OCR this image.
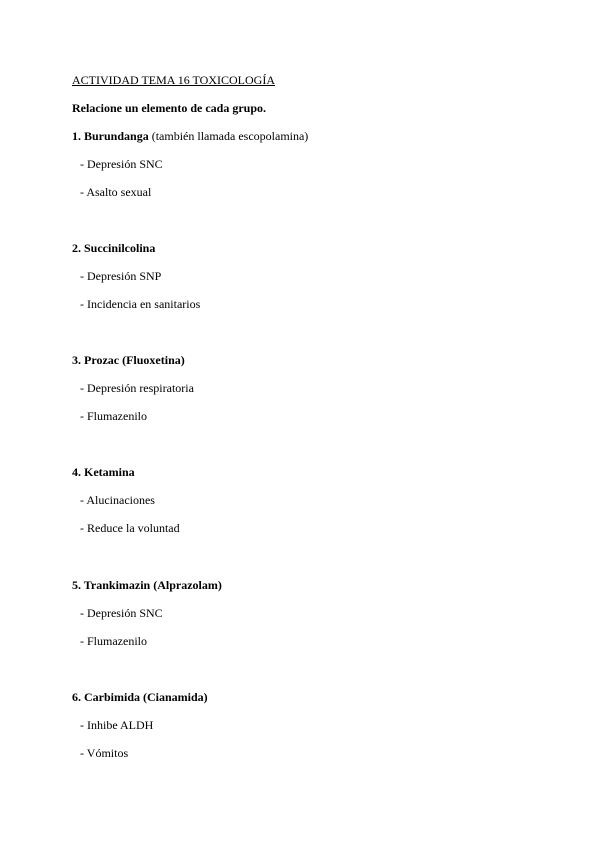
ACTIVIDAD TEMA 16 TOXICOLOGÍA
Relacione un elemento de cada grupo.
1. Burundanga (también llamada escopolamina)
- Depresión SNC
- Asalto sexual
2. Succinilcolina
- Depresión SNP
- Incidencia en sanitarios
3. Prozac (Fluoxetina)
- Depresión respiratoria
- Flumazenilo
4. Ketamina
- Alucinaciones
- Reduce la voluntad
5. Trankimazin (Alprazolam)
- Depresión SNC
- Flumazenilo
6. Carbimida (Cianamida)
- Inhibe ALDH
- Vómitos
